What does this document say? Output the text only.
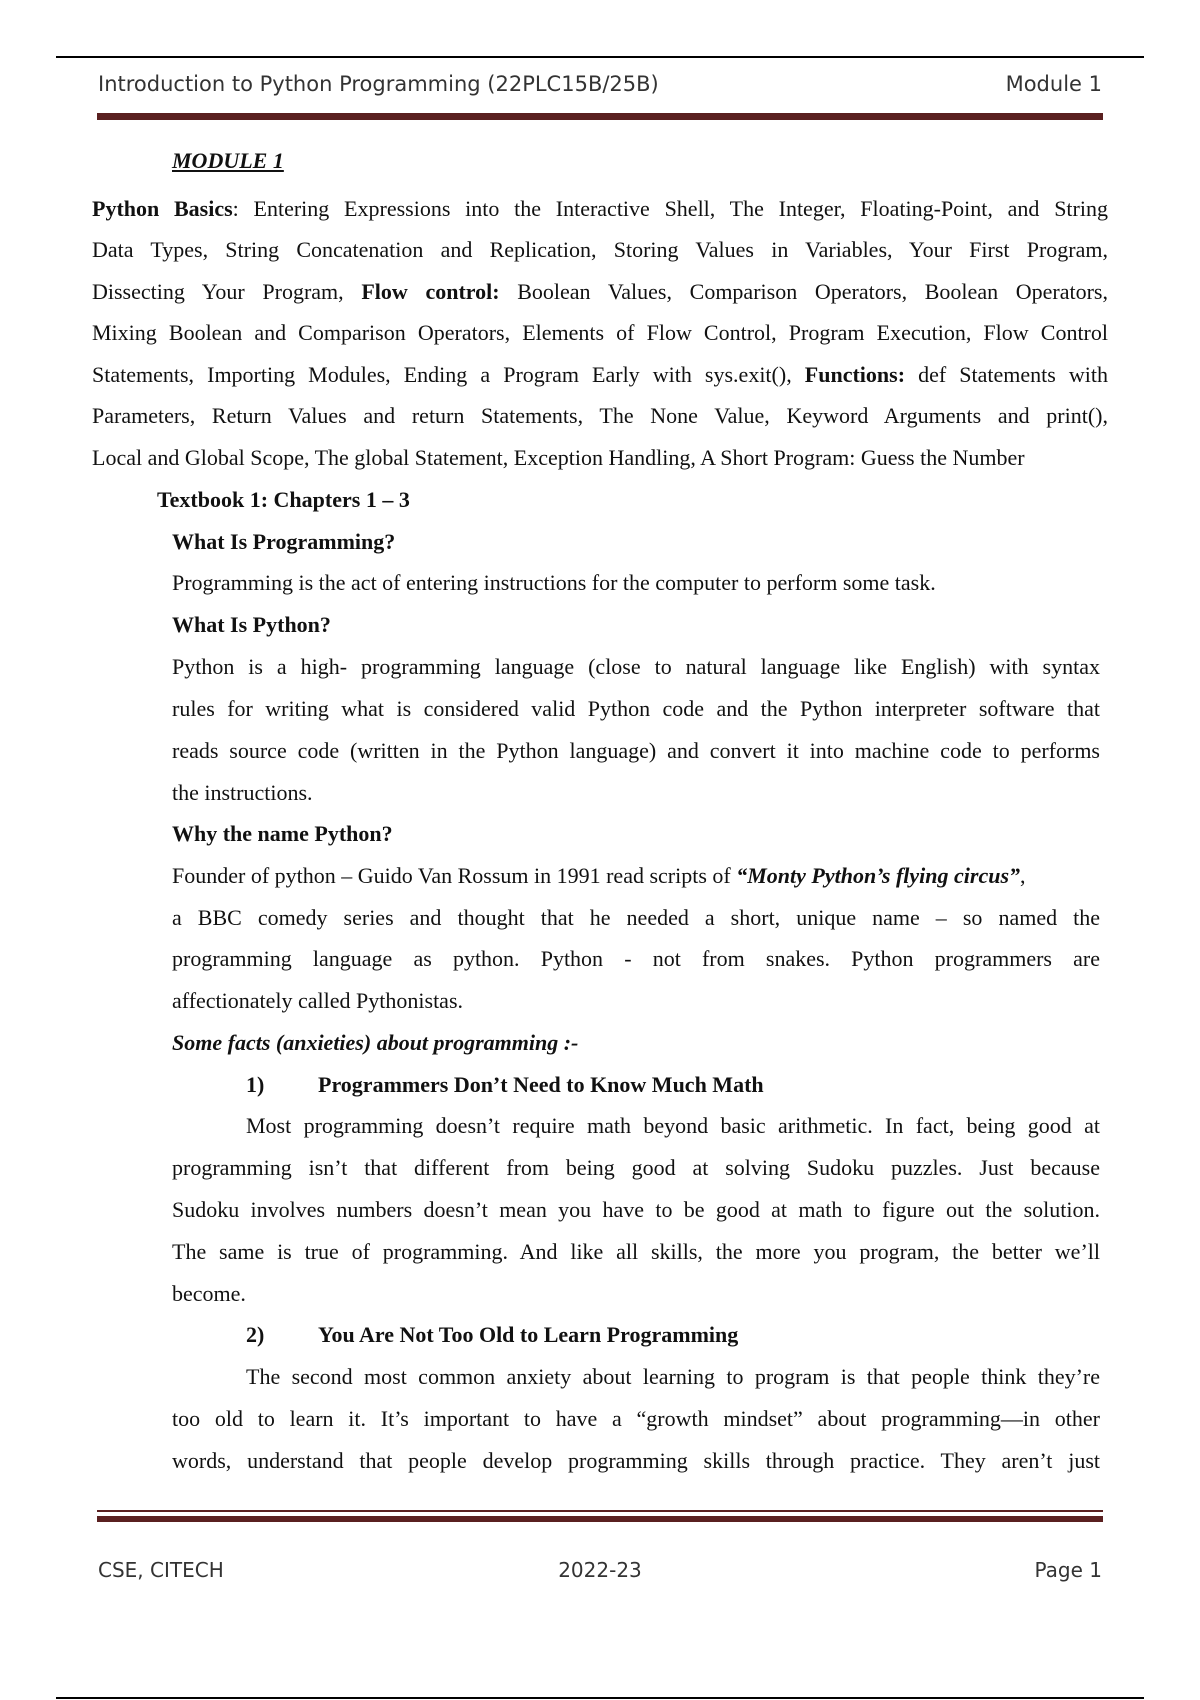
Introduction to Python Programming (22PLC15B/25B)	Module 1
MODULE 1
Python Basics: Entering Expressions into the Interactive Shell, The Integer, Floating-Point, and String
Data Types, String Concatenation and Replication, Storing Values in Variables, Your First Program,
Dissecting Your Program, Flow control: Boolean Values, Comparison Operators, Boolean Operators,
Mixing Boolean and Comparison Operators, Elements of Flow Control, Program Execution, Flow Control
Statements, Importing Modules, Ending a Program Early with sys.exit(), Functions: def Statements with
Parameters, Return Values and return Statements, The None Value, Keyword Arguments and print(),
Local and Global Scope, The global Statement, Exception Handling, A Short Program: Guess the Number
Textbook 1: Chapters 1 – 3
What Is Programming?
Programming is the act of entering instructions for the computer to perform some task.
What Is Python?
Python is a high- programming language (close to natural language like English) with syntax
rules for writing what is considered valid Python code and the Python interpreter software that
reads source code (written in the Python language) and convert it into machine code to performs
the instructions.
Why the name Python?
Founder of python – Guido Van Rossum in 1991 read scripts of “Monty Python’s flying circus”,
a BBC comedy series and thought that he needed a short, unique name – so named the
programming language as python. Python - not from snakes. Python programmers are
affectionately called Pythonistas.
Some facts (anxieties) about programming :-
1) Programmers Don’t Need to Know Much Math
Most programming doesn’t require math beyond basic arithmetic. In fact, being good at
programming isn’t that different from being good at solving Sudoku puzzles. Just because
Sudoku involves numbers doesn’t mean you have to be good at math to figure out the solution.
The same is true of programming. And like all skills, the more you program, the better we’ll
become.
2) You Are Not Too Old to Learn Programming
The second most common anxiety about learning to program is that people think they’re
too old to learn it. It’s important to have a “growth mindset” about programming—in other
words, understand that people develop programming skills through practice. They aren’t just
CSE, CITECH	2022-23	Page 1
